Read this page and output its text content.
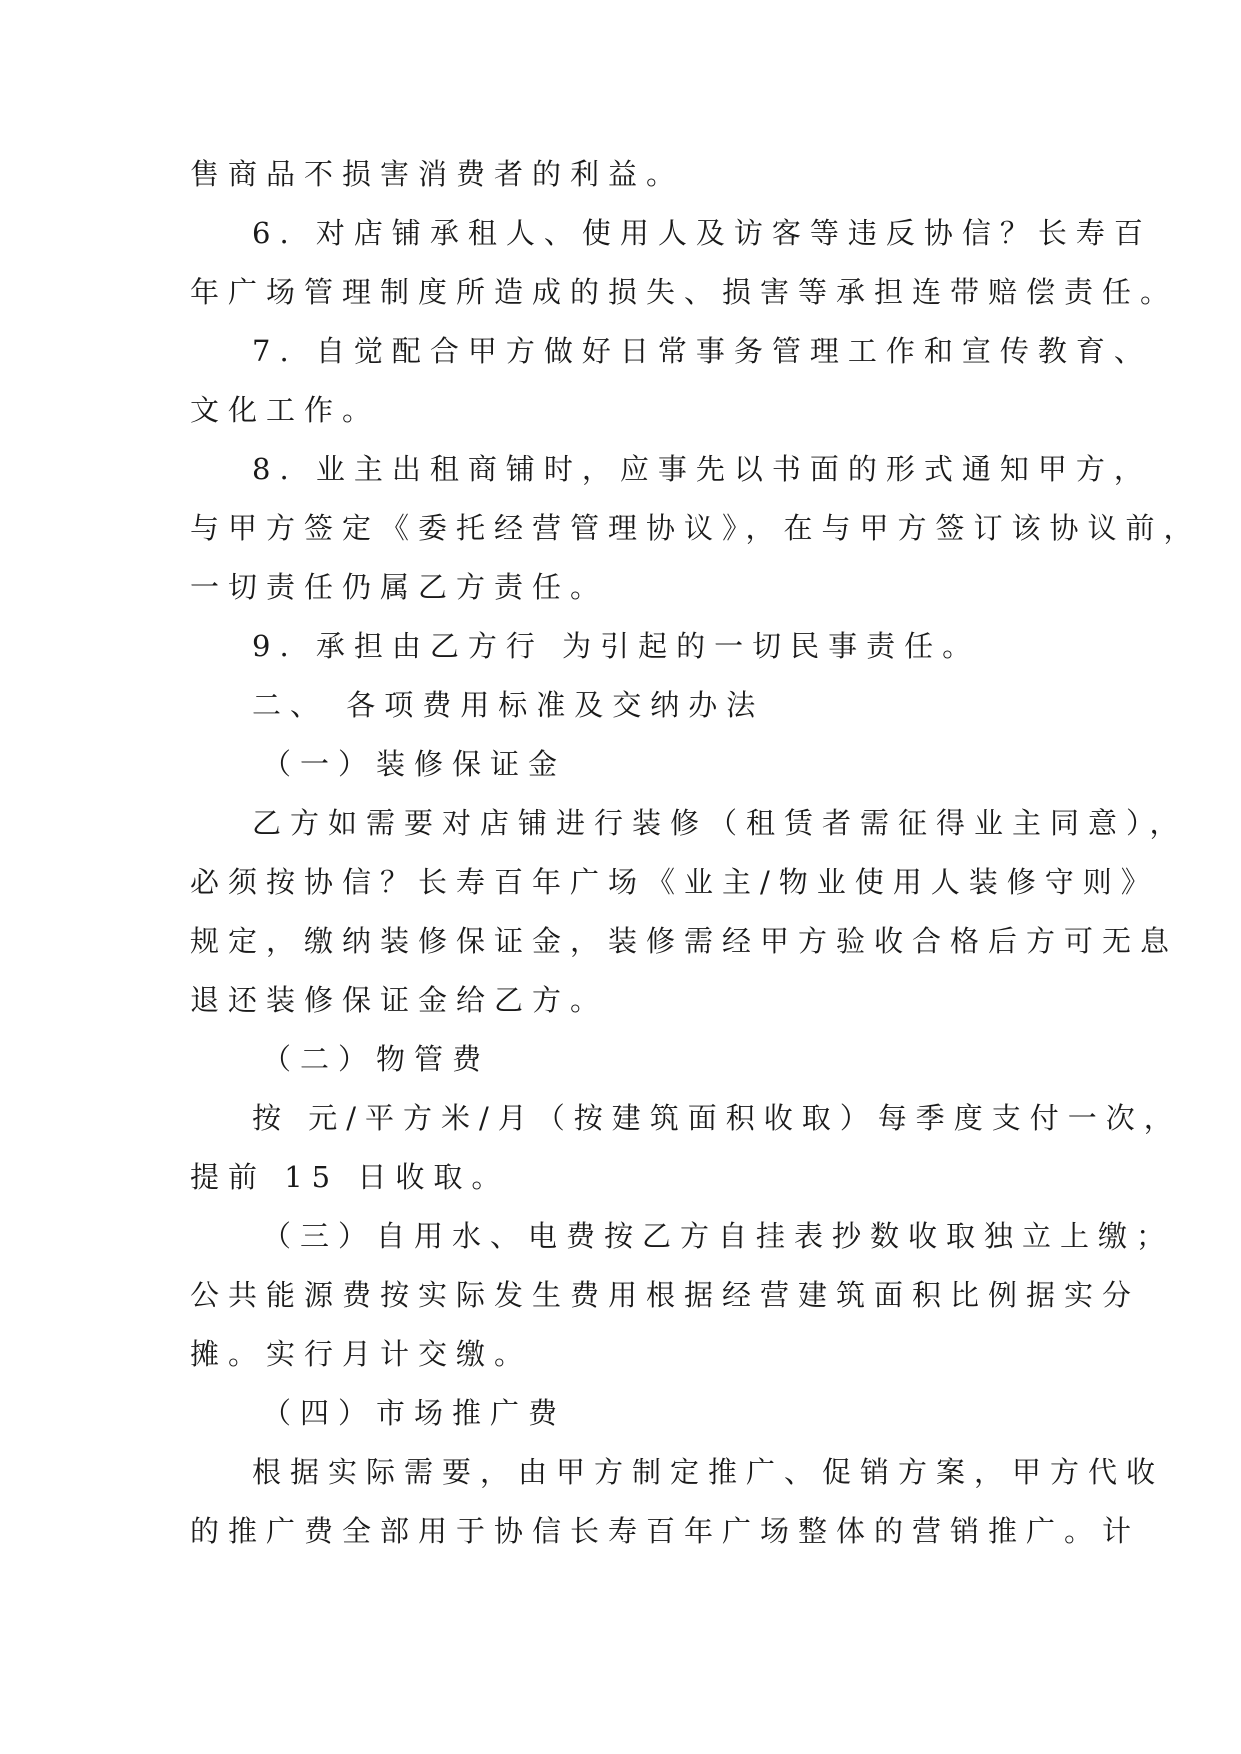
售商品不损害消费者的利益。
6. 对店铺承租人、使用人及访客等违反协信？长寿百
年广场管理制度所造成的损失、损害等承担连带赔偿责任。
7. 自觉配合甲方做好日常事务管理工作和宣传教育、
文化工作。
8. 业主出租商铺时，应事先以书面的形式通知甲方，
与甲方签定《委托经营管理协议》，在与甲方签订该协议前，
一切责任仍属乙方责任。
9. 承担由乙方行 为引起的一切民事责任。
二、 各项费用标准及交纳办法
（一）装修保证金
乙方如需要对店铺进行装修（租赁者需征得业主同意），
必须按协信？长寿百年广场《业主/物业使用人装修守则》
规定，缴纳装修保证金，装修需经甲方验收合格后方可无息
退还装修保证金给乙方。
（二）物管费
按 元/平方米/月（按建筑面积收取）每季度支付一次，
提前 15 日收取。
（三）自用水、电费按乙方自挂表抄数收取独立上缴；
公共能源费按实际发生费用根据经营建筑面积比例据实分
摊。实行月计交缴。
（四）市场推广费
根据实际需要，由甲方制定推广、促销方案，甲方代收
的推广费全部用于协信长寿百年广场整体的营销推广。计
